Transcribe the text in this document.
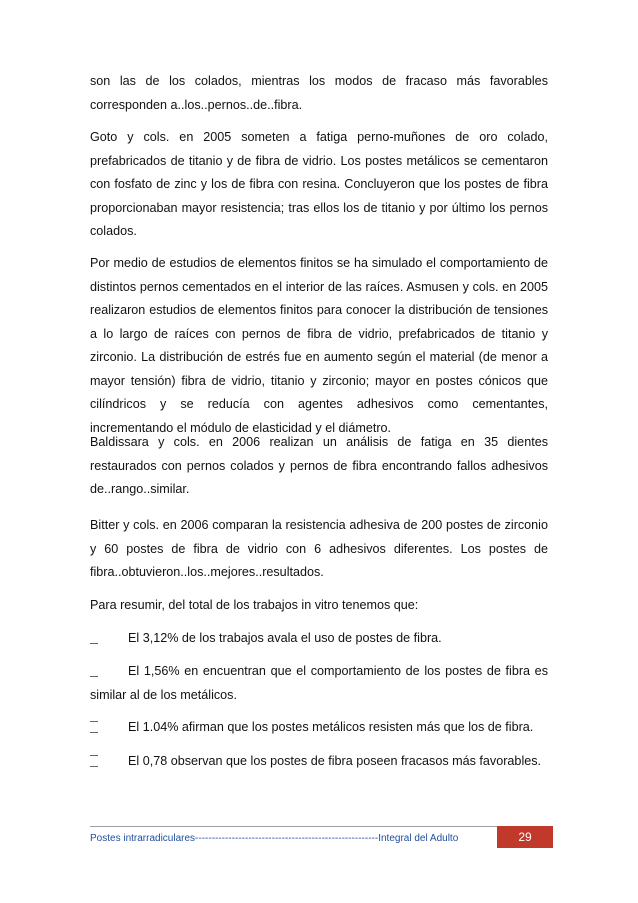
son las de los colados, mientras los modos de fracaso más favorables corresponden a..los..pernos..de..fibra.

Goto y cols. en 2005 someten a fatiga perno-muñones de oro colado, prefabricados de titanio y de fibra de vidrio. Los postes metálicos se cementaron con fosfato de zinc y los de fibra con resina. Concluyeron que los postes de fibra proporcionaban mayor resistencia; tras ellos los de titanio y por último los pernos colados.

Por medio de estudios de elementos finitos se ha simulado el comportamiento de distintos pernos cementados en el interior de las raíces. Asmusen y cols. en 2005 realizaron estudios de elementos finitos para conocer la distribución de tensiones a lo largo de raíces con pernos de fibra de vidrio, prefabricados de titanio y zirconio. La distribución de estrés fue en aumento según el material (de menor a mayor tensión) fibra de vidrio, titanio y zirconio; mayor en postes cónicos que cilíndricos y se reducía con agentes adhesivos como cementantes, incrementando el módulo de elasticidad y el diámetro.

Baldissara y cols. en 2006 realizan un análisis de fatiga en 35 dientes restaurados con pernos colados y pernos de fibra encontrando fallos adhesivos de..rango..similar.

Bitter y cols. en 2006 comparan la resistencia adhesiva de 200 postes de zirconio y 60 postes de fibra de vidrio con 6 adhesivos diferentes. Los postes de fibra..obtuvieron..los..mejores..resultados.

Para resumir, del total de los trabajos in vitro tenemos que:

El 3,12% de los trabajos avala el uso de postes de fibra.

El 1,56% en encuentran que el comportamiento de los postes de fibra es similar al de los metálicos.

El 1.04% afirman que los postes metálicos resisten más que los de fibra.

El 0,78 observan que los postes de fibra poseen fracasos más favorables.

Postes intrarradiculares-------------------------------------------------------Integral del Adulto	29
